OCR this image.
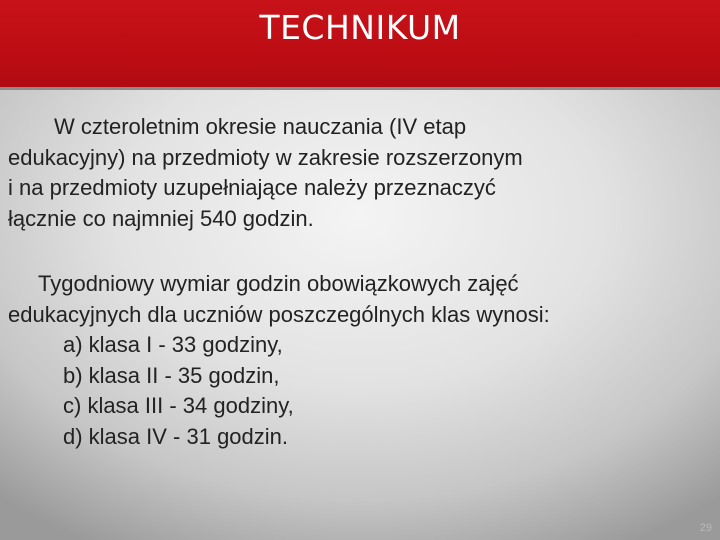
TECHNIKUM

W czteroletnim okresie nauczania (IV etap
edukacyjny) na przedmioty w zakresie rozszerzonym
i na przedmioty uzupełniające należy przeznaczyć
łącznie co najmniej 540 godzin.

Tygodniowy wymiar godzin obowiązkowych zajęć
edukacyjnych dla uczniów poszczególnych klas wynosi:
a) klasa I - 33 godziny,
b) klasa II - 35 godzin,
c) klasa III - 34 godziny,
d) klasa IV - 31 godzin.
29
